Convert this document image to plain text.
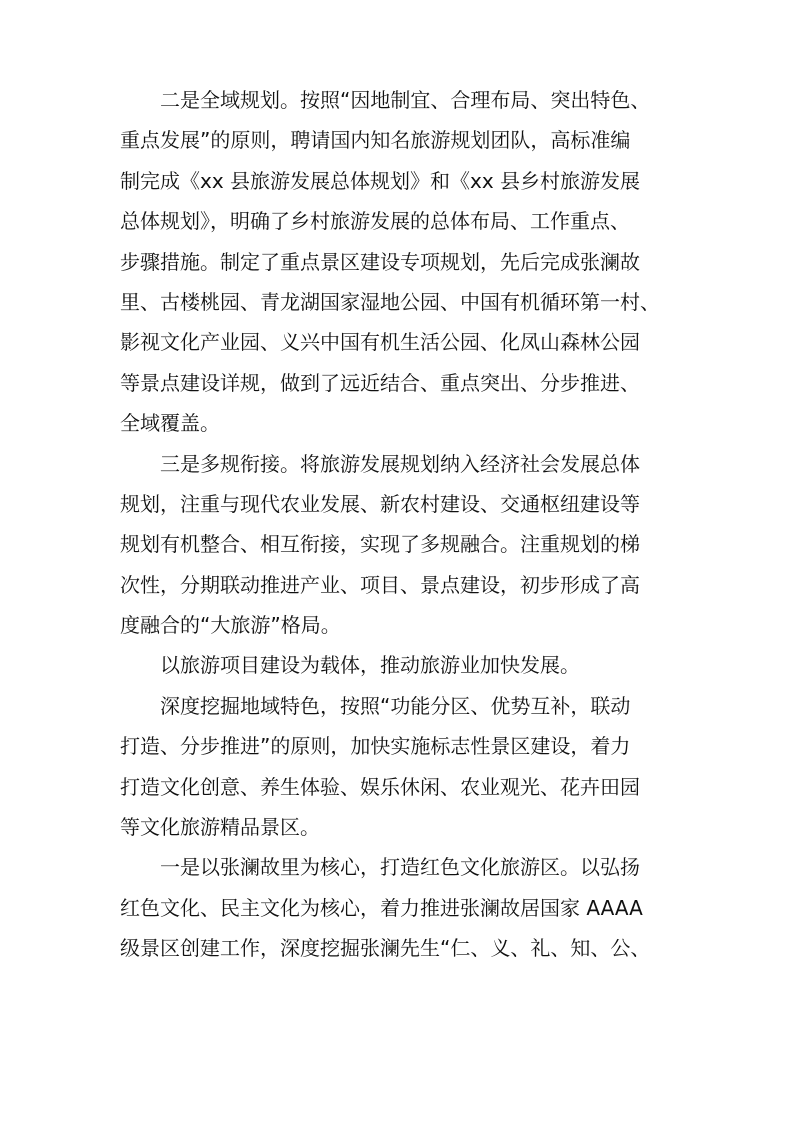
二是全域规划。按照“因地制宜、合理布局、突出特色、
重点发展”的原则，聘请国内知名旅游规划团队，高标准编
制完成《xx 县旅游发展总体规划》和《xx 县乡村旅游发展
总体规划》，明确了乡村旅游发展的总体布局、工作重点、
步骤措施。制定了重点景区建设专项规划，先后完成张澜故
里、古楼桃园、青龙湖国家湿地公园、中国有机循环第一村、
影视文化产业园、义兴中国有机生活公园、化凤山森林公园
等景点建设详规，做到了远近结合、重点突出、分步推进、
全域覆盖。
三是多规衔接。将旅游发展规划纳入经济社会发展总体
规划，注重与现代农业发展、新农村建设、交通枢纽建设等
规划有机整合、相互衔接，实现了多规融合。注重规划的梯
次性，分期联动推进产业、项目、景点建设，初步形成了高
度融合的“大旅游”格局。
以旅游项目建设为载体，推动旅游业加快发展。
深度挖掘地域特色，按照“功能分区、优势互补，联动
打造、分步推进”的原则，加快实施标志性景区建设，着力
打造文化创意、养生体验、娱乐休闲、农业观光、花卉田园
等文化旅游精品景区。
一是以张澜故里为核心，打造红色文化旅游区。以弘扬
红色文化、民主文化为核心，着力推进张澜故居国家 AAAA
级景区创建工作，深度挖掘张澜先生“仁、义、礼、知、公、
